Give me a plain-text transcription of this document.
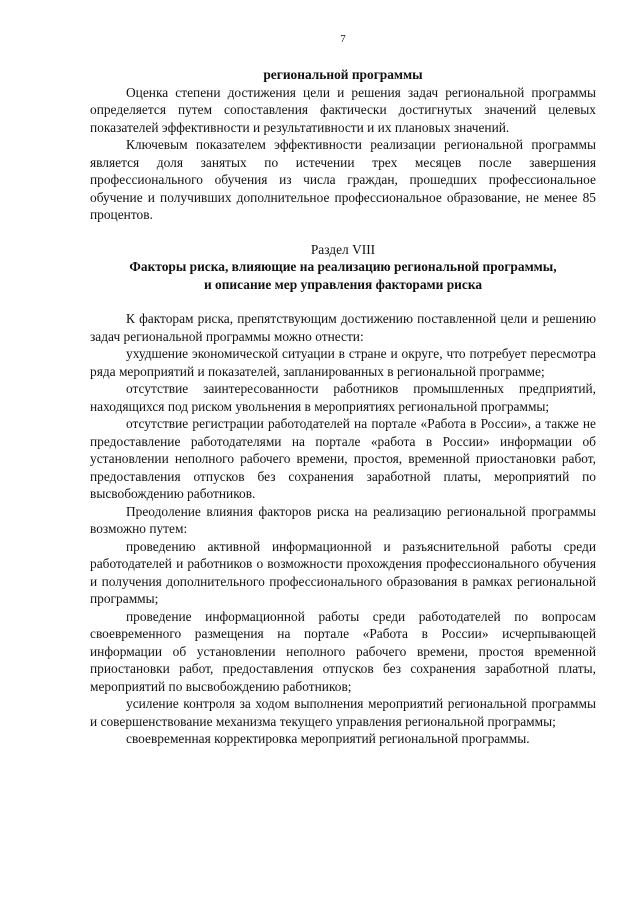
7
региональной программы

Оценка степени достижения цели и решения задач региональной программы определяется путем сопоставления фактически достигнутых значений целевых показателей эффективности и результативности и их плановых значений.

Ключевым показателем эффективности реализации региональной программы является доля занятых по истечении трех месяцев после завершения профессионального обучения из числа граждан, прошедших профессиональное обучение и получивших дополнительное профессиональное образование, не менее 85 процентов.

Раздел VIII
Факторы риска, влияющие на реализацию региональной программы,
и описание мер управления факторами риска

К факторам риска, препятствующим достижению поставленной цели и решению задач региональной программы можно отнести:

ухудшение экономической ситуации в стране и округе, что потребует пересмотра ряда мероприятий и показателей, запланированных в региональной программе;

отсутствие заинтересованности работников промышленных предприятий, находящихся под риском увольнения в мероприятиях региональной программы;

отсутствие регистрации работодателей на портале «Работа в России», а также не предоставление работодателями на портале «работа в России» информации об установлении неполного рабочего времени, простоя, временной приостановки работ, предоставления отпусков без сохранения заработной платы, мероприятий по высвобождению работников.

Преодоление влияния факторов риска на реализацию региональной программы возможно путем:

проведению активной информационной и разъяснительной работы среди работодателей и работников о возможности прохождения профессионального обучения и получения дополнительного профессионального образования в рамках региональной программы;

проведение информационной работы среди работодателей по вопросам своевременного размещения на портале «Работа в России» исчерпывающей информации об установлении неполного рабочего времени, простоя временной приостановки работ, предоставления отпусков без сохранения заработной платы, мероприятий по высвобождению работников;

усиление контроля за ходом выполнения мероприятий региональной программы и совершенствование механизма текущего управления региональной программы;

своевременная корректировка мероприятий региональной программы.
